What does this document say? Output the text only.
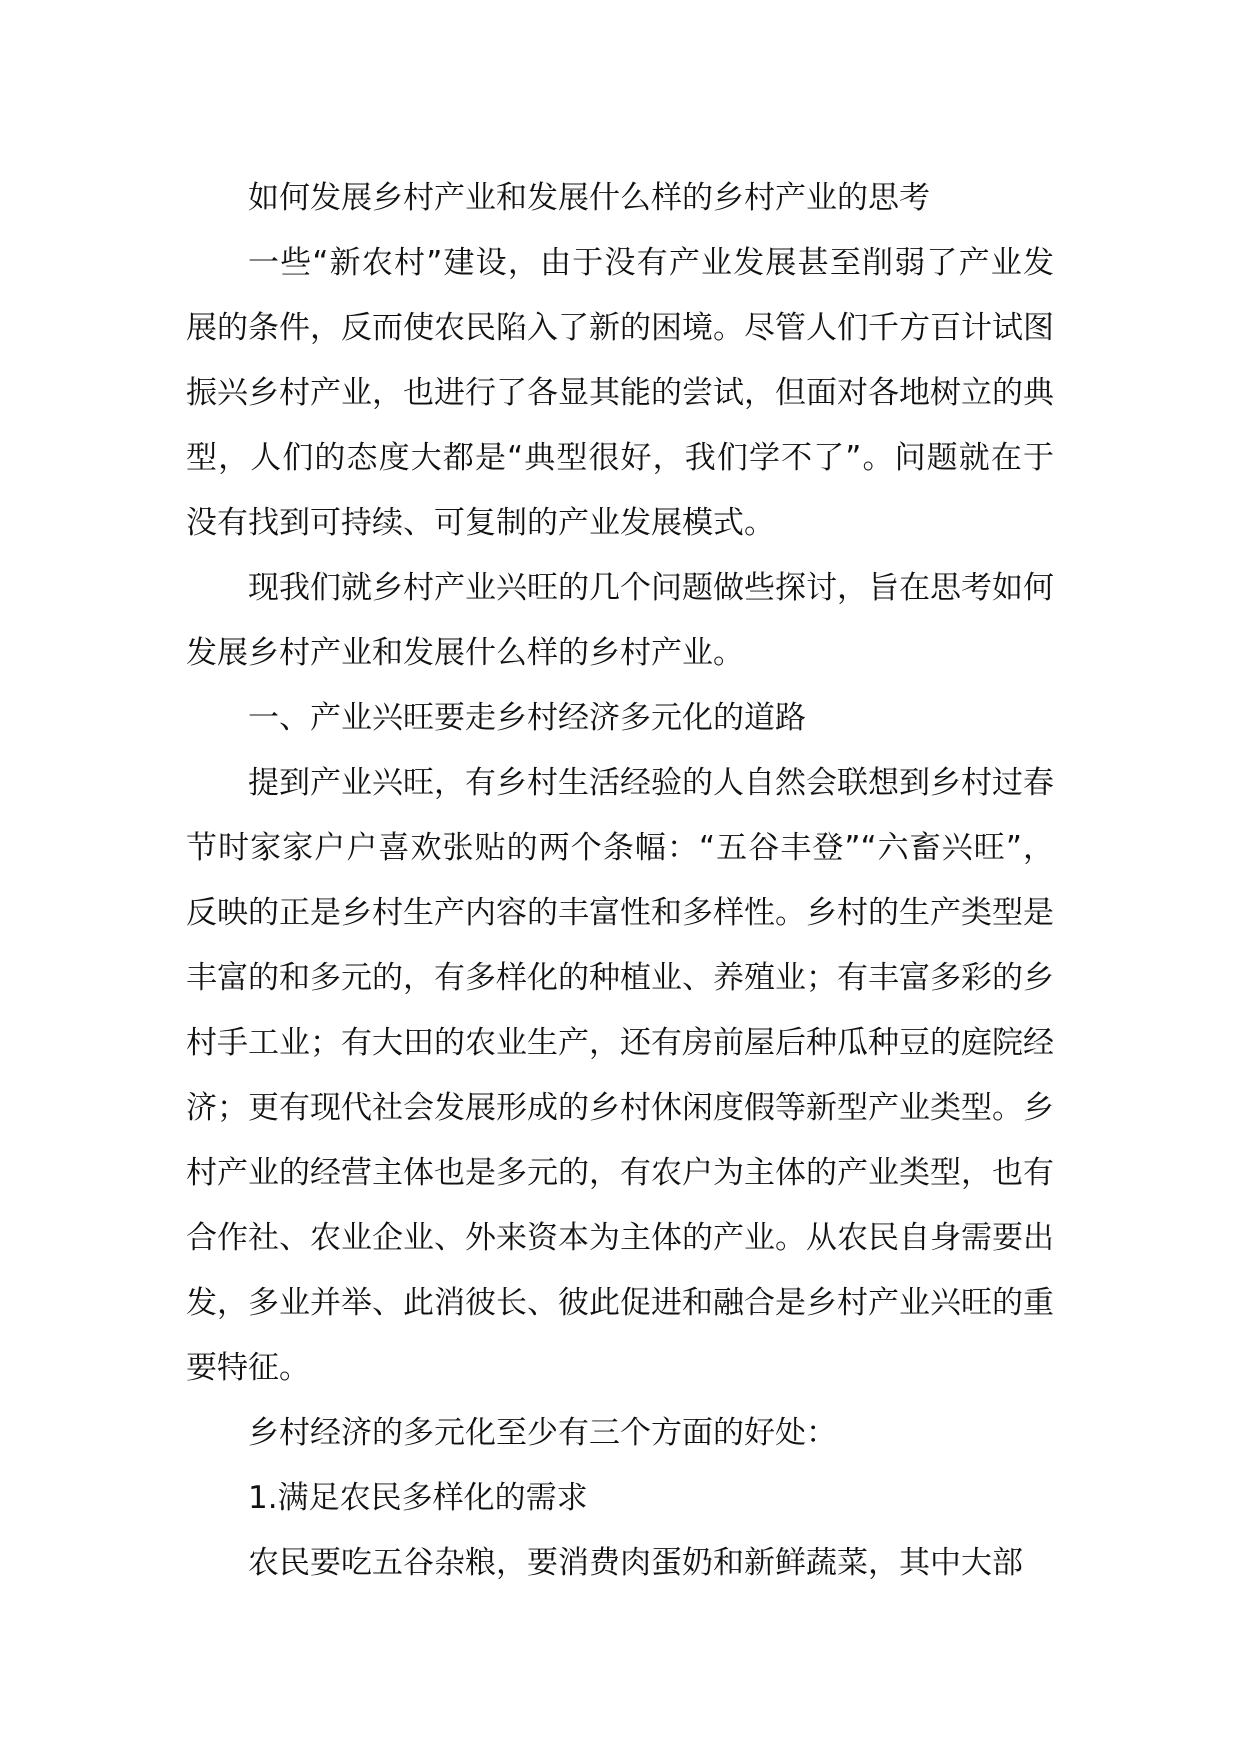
如何发展乡村产业和发展什么样的乡村产业的思考

一些“新农村”建设，由于没有产业发展甚至削弱了产业发展的条件，反而使农民陷入了新的困境。尽管人们千方百计试图振兴乡村产业，也进行了各显其能的尝试，但面对各地树立的典型，人们的态度大都是“典型很好，我们学不了”。问题就在于没有找到可持续、可复制的产业发展模式。

现我们就乡村产业兴旺的几个问题做些探讨，旨在思考如何发展乡村产业和发展什么样的乡村产业。

一、产业兴旺要走乡村经济多元化的道路

提到产业兴旺，有乡村生活经验的人自然会联想到乡村过春节时家家户户喜欢张贴的两个条幅：“五谷丰登”“六畜兴旺”，反映的正是乡村生产内容的丰富性和多样性。乡村的生产类型是丰富的和多元的，有多样化的种植业、养殖业；有丰富多彩的乡村手工业；有大田的农业生产，还有房前屋后种瓜种豆的庭院经济；更有现代社会发展形成的乡村休闲度假等新型产业类型。乡村产业的经营主体也是多元的，有农户为主体的产业类型，也有合作社、农业企业、外来资本为主体的产业。从农民自身需要出发，多业并举、此消彼长、彼此促进和融合是乡村产业兴旺的重要特征。

乡村经济的多元化至少有三个方面的好处：

1.满足农民多样化的需求

农民要吃五谷杂粮，要消费肉蛋奶和新鲜蔬菜，其中大部
